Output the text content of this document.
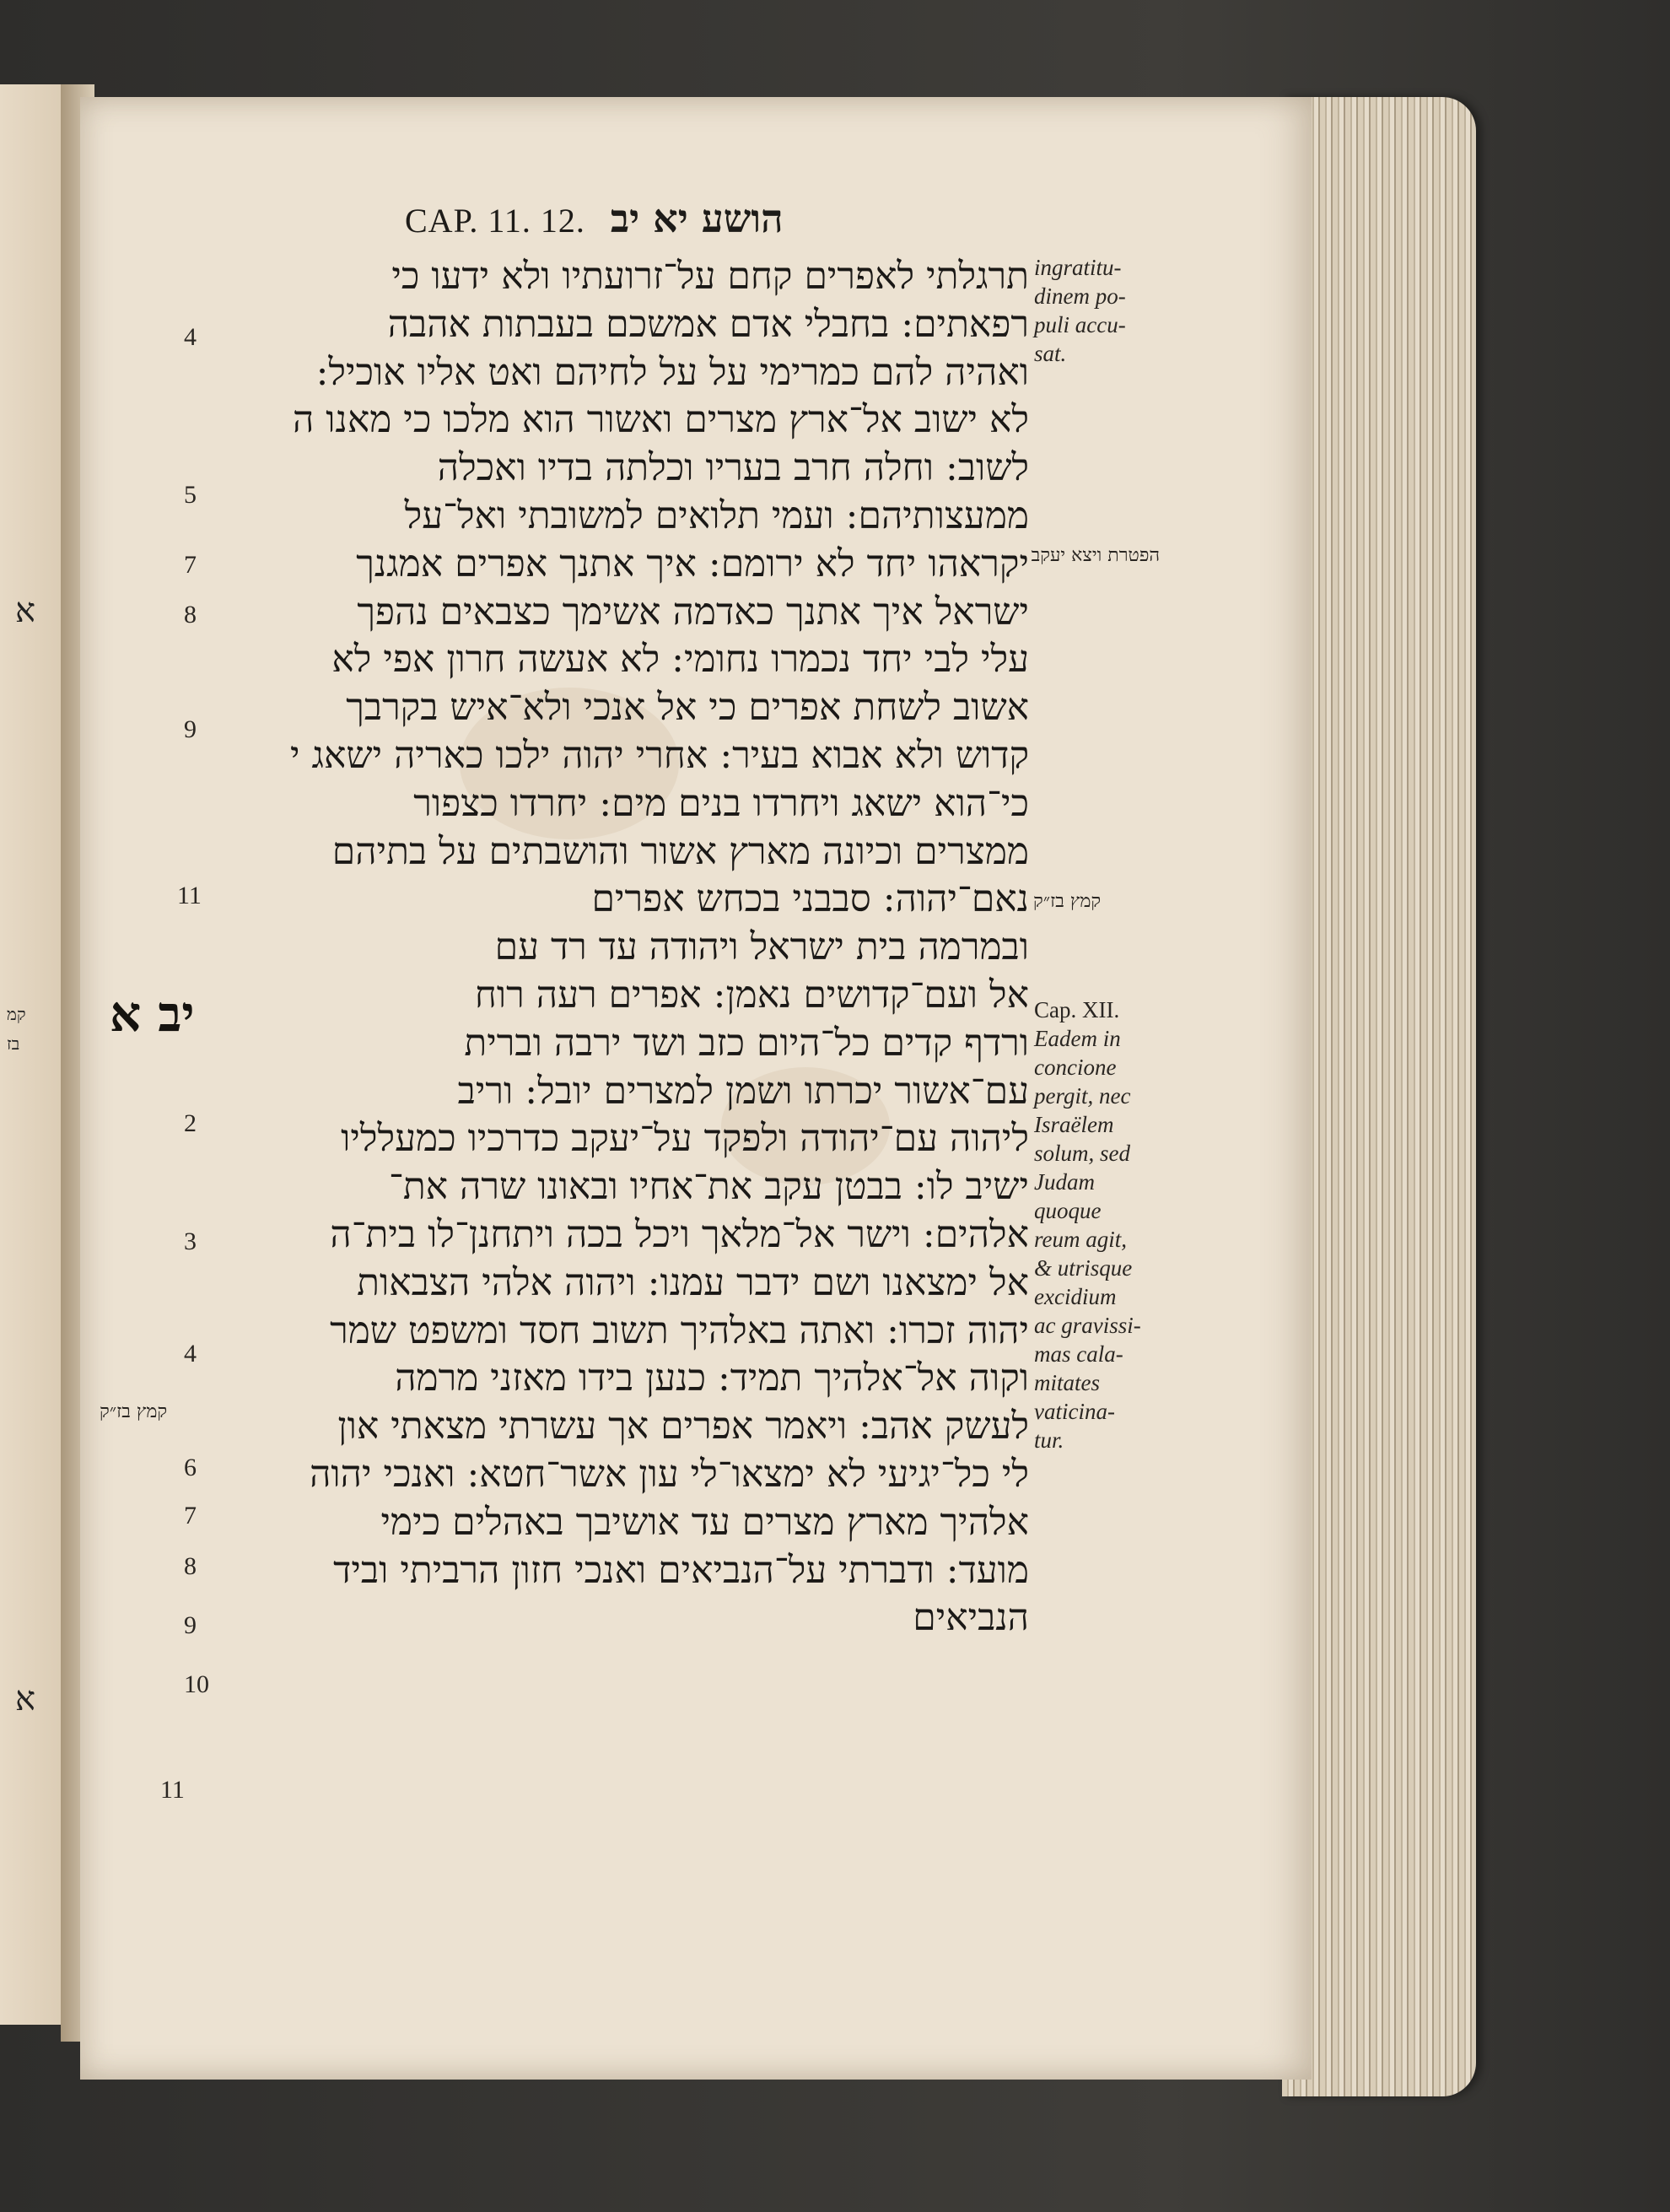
א
א
קמ
בז
CAP. 11. 12. הושע יא יב
תרגלתי לאפרים קחם על־זרועתיו ולא ידעו כי
רפאתים: בחבלי אדם אמשכם בעבתות אהבה
ואהיה להם כמרימי על על לחיהם ואט אליו אוכיל:
לא ישוב אל־ארץ מצרים ואשור הוא מלכו כי מאנו ה
לשוב: וחלה חרב בעריו וכלתה בדיו ואכלה
ממעצותיהם: ועמי תלואים למשובתי ואל־על
יקראהו יחד לא ירומם: איך אתנך אפרים אמגנך
ישראל איך אתנך כאדמה אשימך כצבאים נהפך
עלי לבי יחד נכמרו נחומי: לא אעשה חרון אפי לא
אשוב לשחת אפרים כי אל אנכי ולא־איש בקרבך
קדוש ולא אבוא בעיר: אחרי יהוה ילכו כאריה ישאג י
כי־הוא ישאג ויחרדו בנים מים: יחרדו כצפור
ממצרים וכיונה מארץ אשור והושבתים על בתיהם
נאם־יהוה: סבבני בכחש אפרים
ובמרמה בית ישראל ויהודה עד רד עם
אל ועם־קדושים נאמן: אפרים רעה רוח
ורדף קדים כל־היום כזב ושד ירבה וברית
עם־אשור יכרתו ושמן למצרים יובל: וריב
ליהוה עם־יהודה ולפקד על־יעקב כדרכיו כמעלליו
ישיב לו: בבטן עקב את־אחיו ובאונו שרה את־
אלהים: וישר אל־מלאך ויכל בכה ויתחנן־לו בית־ה
אל ימצאנו ושם ידבר עמנו: ויהוה אלהי הצבאות
יהוה זכרו: ואתה באלהיך תשוב חסד ומשפט שמר
וקוה אל־אלהיך תמיד: כנען בידו מאזני מרמה
לעשק אהב: ויאמר אפרים אך עשרתי מצאתי און
לי כל־יגיעי לא ימצאו־לי עון אשר־חטא: ואנכי יהוה
אלהיך מארץ מצרים עד אושיבך באהלים כימי
מועד: ודברתי על־הנביאים ואנכי חזון הרביתי וביד
הנביאים
4
5
7
8
9
11
2
3
4
6
7
8
9
10
11
יב א
ingratitu-
dinem po-
puli accu-
sat.
Cap. XII.
Eadem in
concione
pergit, nec
Israëlem
solum, sed
Judam
quoque
reum agit,
& utrisque
excidium
ac gravissi-
mas cala-
mitates
vaticina-
tur.
הפטרת ויצא יעקב
קמץ בז״ק
קמץ בז״ק
